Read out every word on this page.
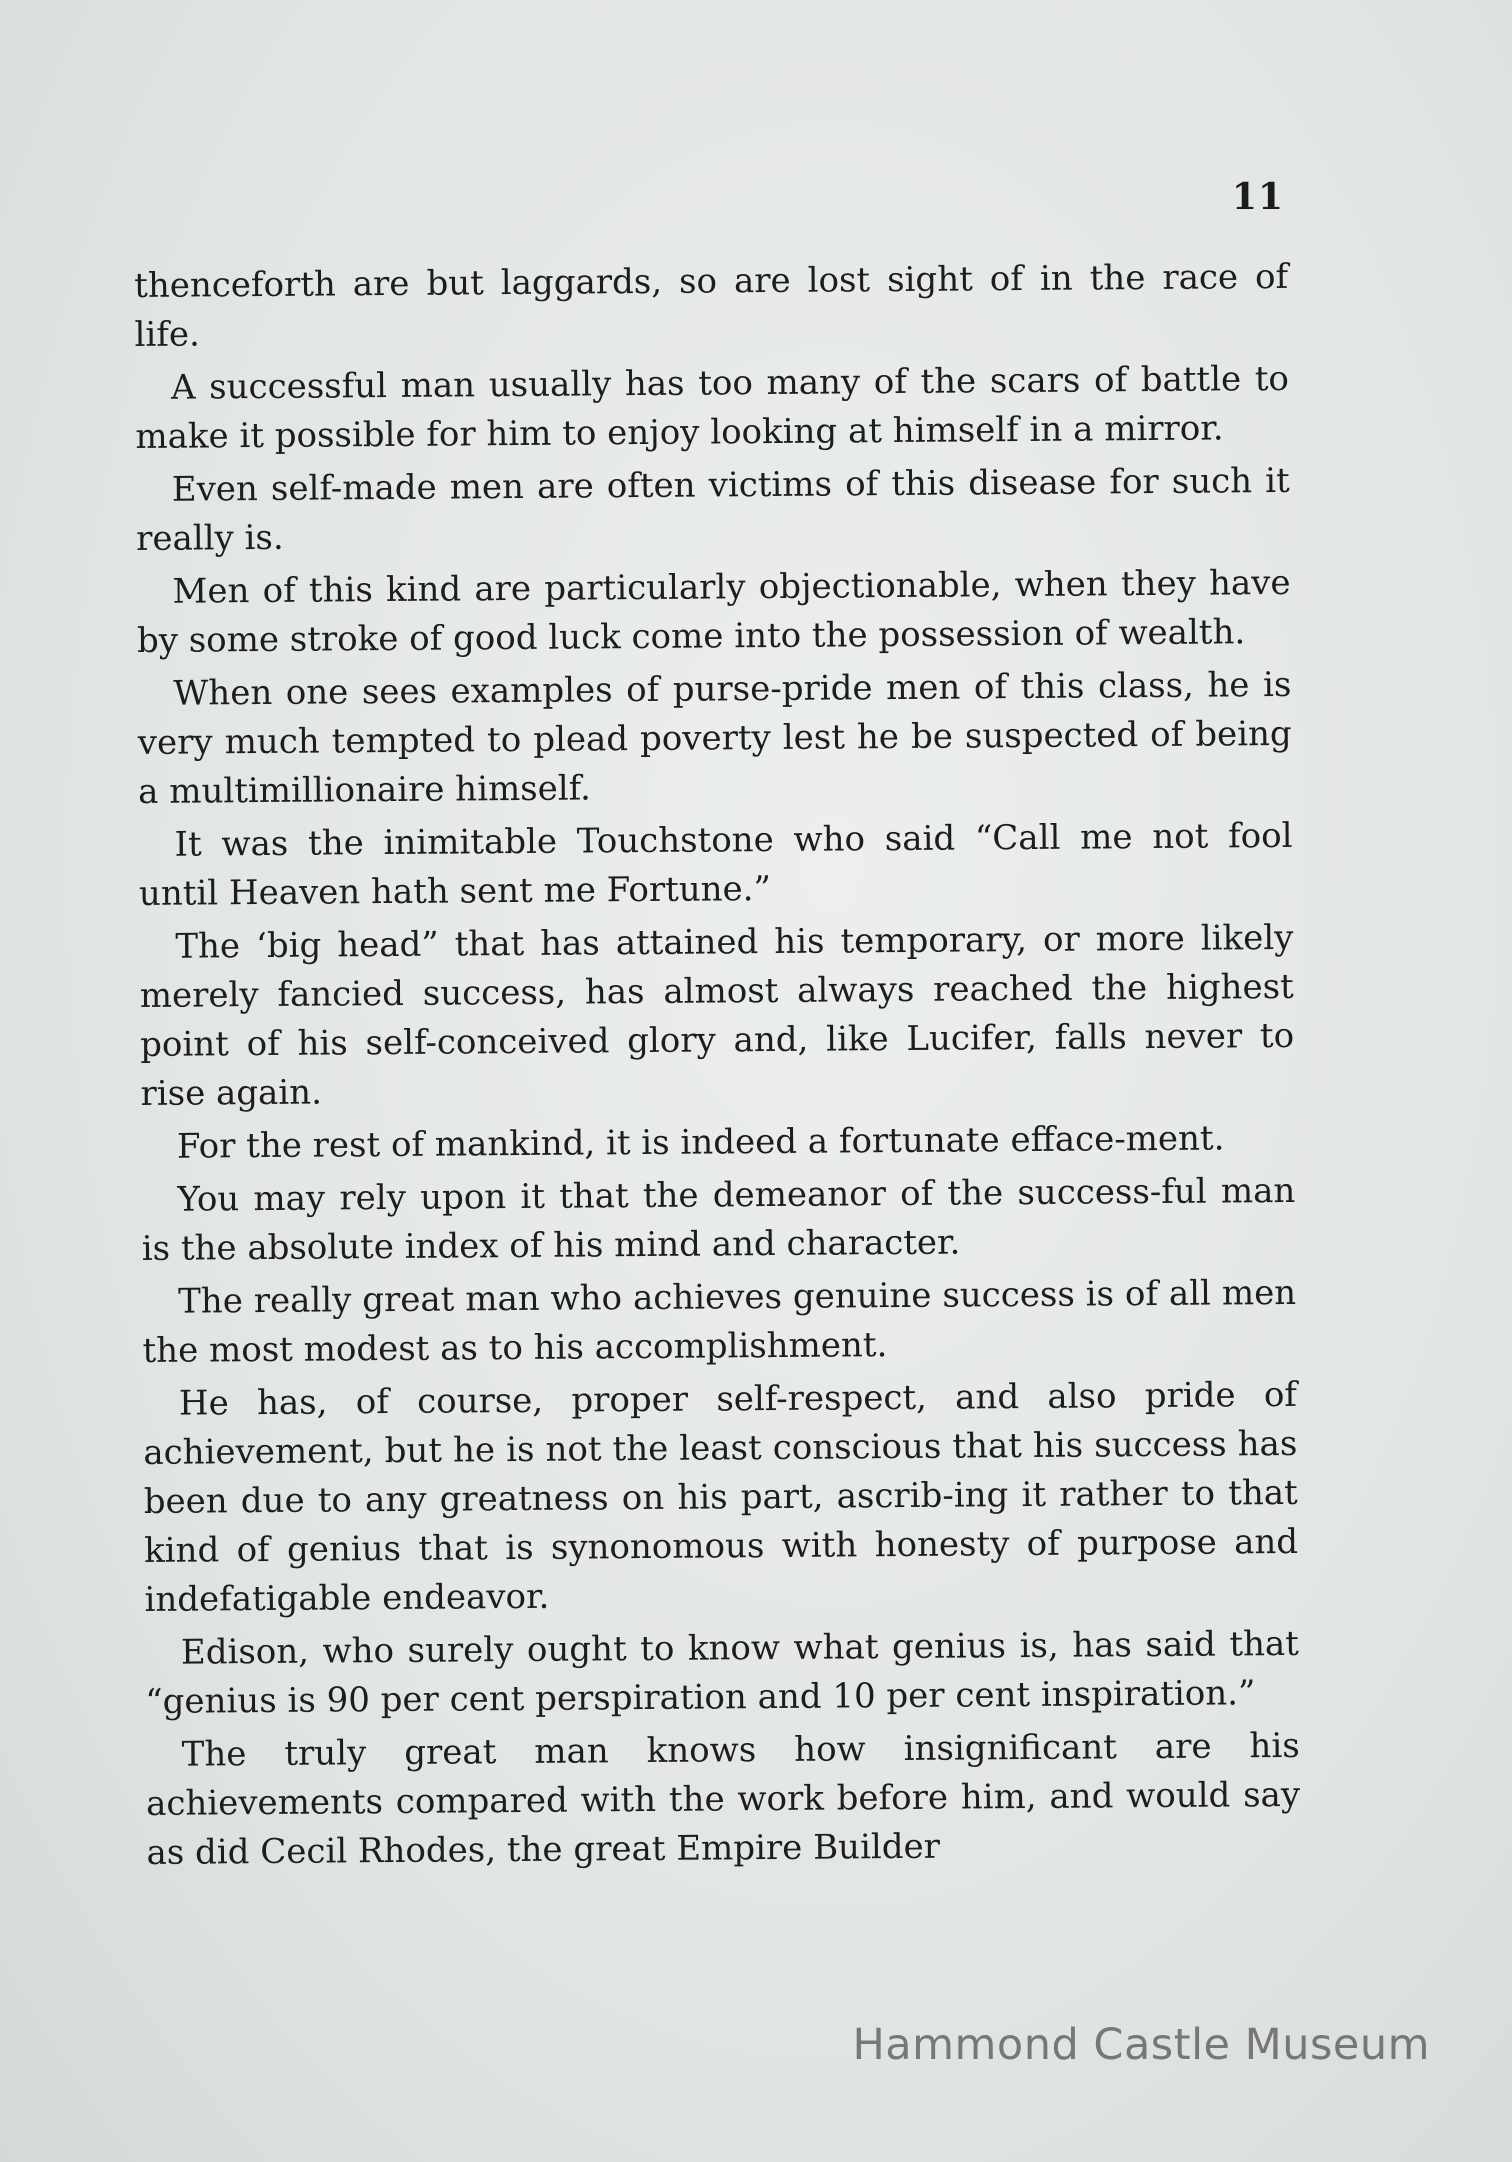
11

thenceforth are but laggards, so are lost sight of in the race of life.

A successful man usually has too many of the scars of battle to make it possible for him to enjoy looking at himself in a mirror.

Even self-made men are often victims of this disease for such it really is.

Men of this kind are particularly objectionable, when they have by some stroke of good luck come into the possession of wealth.

When one sees examples of purse-pride men of this class, he is very much tempted to plead poverty lest he be suspected of being a multimillionaire himself.

It was the inimitable Touchstone who said “Call me not fool until Heaven hath sent me Fortune.”

The ‘big head” that has attained his temporary, or more likely merely fancied success, has almost always reached the highest point of his self-conceived glory and, like Lucifer, falls never to rise again.

For the rest of mankind, it is indeed a fortunate efface-ment.

You may rely upon it that the demeanor of the success-ful man is the absolute index of his mind and character.

The really great man who achieves genuine success is of all men the most modest as to his accomplishment.

He has, of course, proper self-respect, and also pride of achievement, but he is not the least conscious that his success has been due to any greatness on his part, ascrib-ing it rather to that kind of genius that is synonomous with honesty of purpose and indefatigable endeavor.

Edison, who surely ought to know what genius is, has said that “genius is 90 per cent perspiration and 10 per cent inspiration.”

The truly great man knows how insignificant are his achievements compared with the work before him, and would say as did Cecil Rhodes, the great Empire Builder

Hammond Castle Museum
